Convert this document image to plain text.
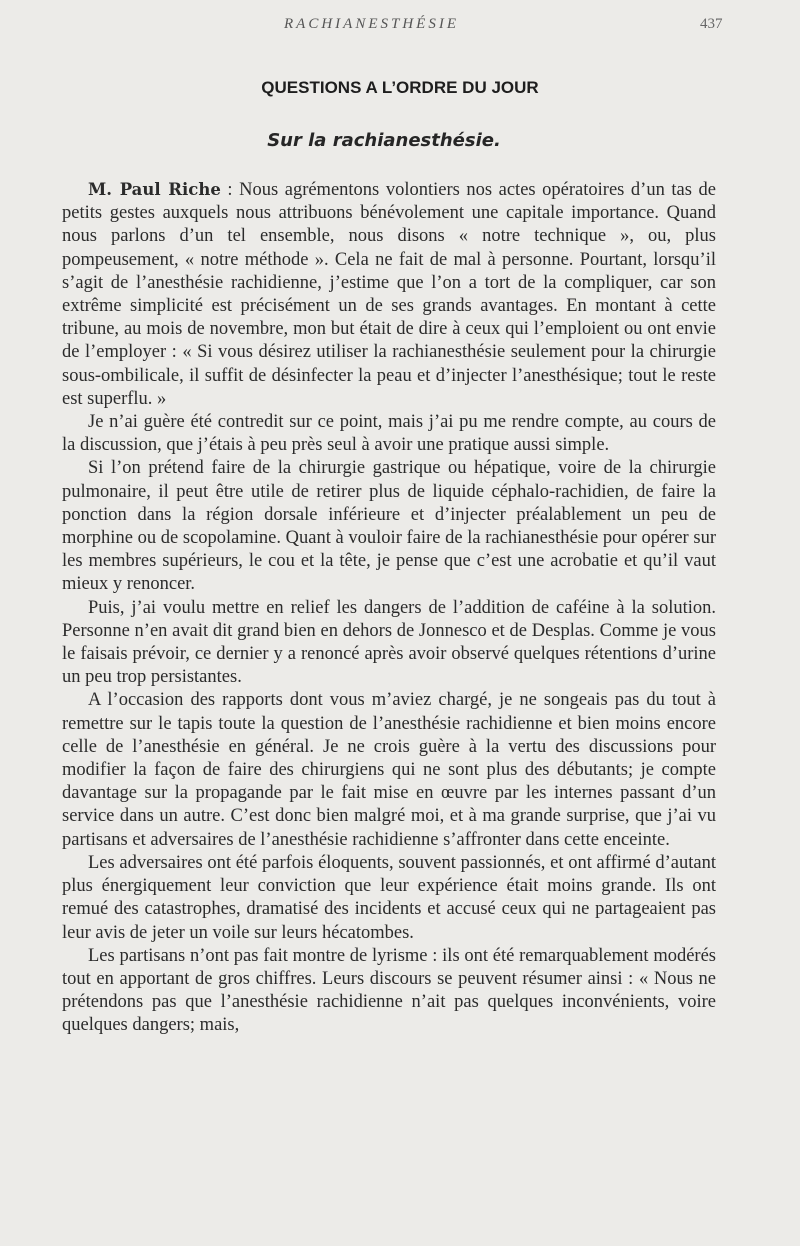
RACHIANESTHÉSIE	437
QUESTIONS A L’ORDRE DU JOUR
Sur la rachianesthésie.

M. Paul Riche : Nous agrémentons volontiers nos actes opératoires d’un tas de petits gestes auxquels nous attribuons bénévolement une capitale importance. Quand nous parlons d’un tel ensemble, nous disons « notre technique », ou, plus pompeusement, « notre méthode ». Cela ne fait de mal à personne. Pourtant, lorsqu’il s’agit de l’anesthésie rachidienne, j’estime que l’on a tort de la compliquer, car son extrême simplicité est précisément un de ses grands avantages. En montant à cette tribune, au mois de novembre, mon but était de dire à ceux qui l’emploient ou ont envie de l’employer : « Si vous désirez utiliser la rachianesthésie seulement pour la chirurgie sous-ombilicale, il suffit de désinfecter la peau et d’injecter l’anesthésique; tout le reste est superflu. »

Je n’ai guère été contredit sur ce point, mais j’ai pu me rendre compte, au cours de la discussion, que j’étais à peu près seul à avoir une pratique aussi simple.

Si l’on prétend faire de la chirurgie gastrique ou hépatique, voire de la chirurgie pulmonaire, il peut être utile de retirer plus de liquide céphalo-rachidien, de faire la ponction dans la région dorsale inférieure et d’injecter préalablement un peu de morphine ou de scopolamine. Quant à vouloir faire de la rachianesthésie pour opérer sur les membres supérieurs, le cou et la tête, je pense que c’est une acrobatie et qu’il vaut mieux y renoncer.

Puis, j’ai voulu mettre en relief les dangers de l’addition de caféine à la solution. Personne n’en avait dit grand bien en dehors de Jonnesco et de Desplas. Comme je vous le faisais prévoir, ce dernier y a renoncé après avoir observé quelques rétentions d’urine un peu trop persistantes.

A l’occasion des rapports dont vous m’aviez chargé, je ne songeais pas du tout à remettre sur le tapis toute la question de l’anesthésie rachidienne et bien moins encore celle de l’anesthésie en général. Je ne crois guère à la vertu des discussions pour modifier la façon de faire des chirurgiens qui ne sont plus des débutants; je compte davantage sur la propagande par le fait mise en œuvre par les internes passant d’un service dans un autre. C’est donc bien malgré moi, et à ma grande surprise, que j’ai vu partisans et adversaires de l’anesthésie rachidienne s’affronter dans cette enceinte.

Les adversaires ont été parfois éloquents, souvent passionnés, et ont affirmé d’autant plus énergiquement leur conviction que leur expérience était moins grande. Ils ont remué des catastrophes, dramatisé des incidents et accusé ceux qui ne partageaient pas leur avis de jeter un voile sur leurs hécatombes.

Les partisans n’ont pas fait montre de lyrisme : ils ont été remarquablement modérés tout en apportant de gros chiffres. Leurs discours se peuvent résumer ainsi : « Nous ne prétendons pas que l’anesthésie rachidienne n’ait pas quelques inconvénients, voire quelques dangers; mais,
